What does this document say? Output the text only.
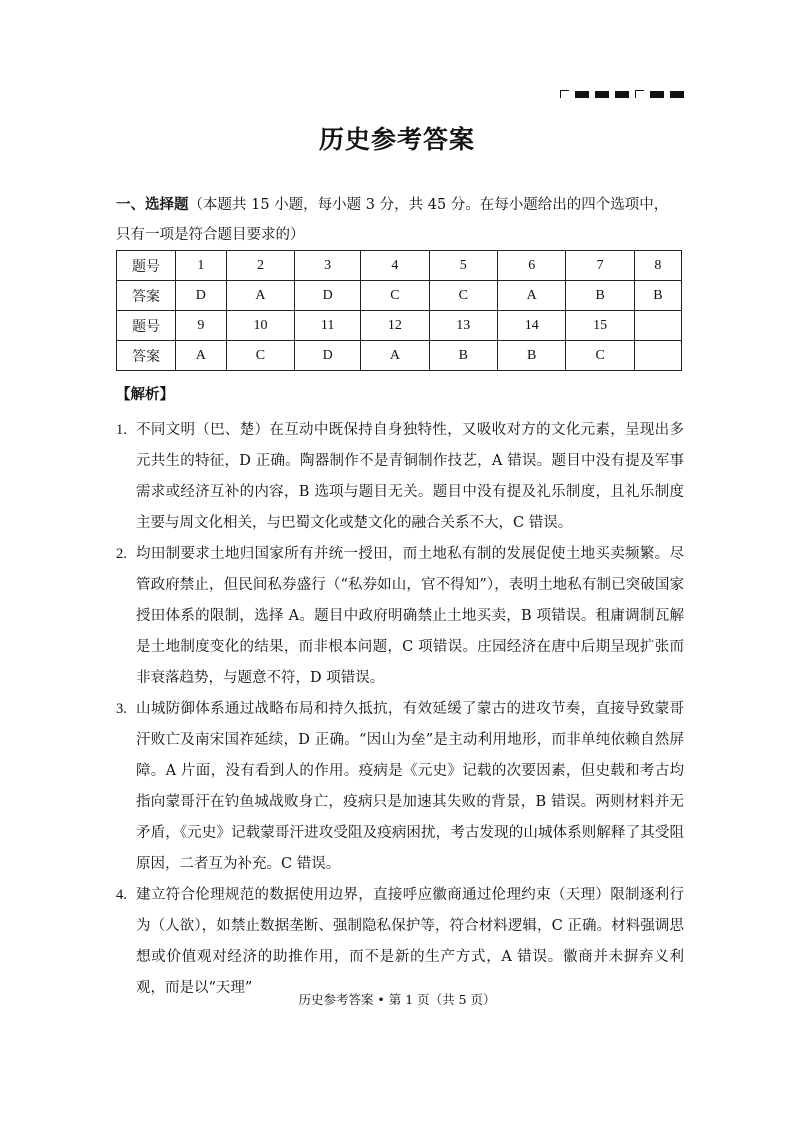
历史参考答案
一、选择题（本题共 15 小题，每小题 3 分，共 45 分。在每小题给出的四个选项中，只有一项是符合题目要求的）
题号	1	2	3	4	5	6	7	8
答案	D	A	D	C	C	A	B	B
题号	9	10	11	12	13	14	15	
答案	A	C	D	A	B	B	C	
【解析】
1. 不同文明（巴、楚）在互动中既保持自身独特性，又吸收对方的文化元素，呈现出多元共生的特征，D 正确。陶器制作不是青铜制作技艺，A 错误。题目中没有提及军事需求或经济互补的内容，B 选项与题目无关。题目中没有提及礼乐制度，且礼乐制度主要与周文化相关，与巴蜀文化或楚文化的融合关系不大，C 错误。
2. 均田制要求土地归国家所有并统一授田，而土地私有制的发展促使土地买卖频繁。尽管政府禁止，但民间私券盛行（“私券如山，官不得知”），表明土地私有制已突破国家授田体系的限制，选择 A。题目中政府明确禁止土地买卖，B 项错误。租庸调制瓦解是土地制度变化的结果，而非根本问题，C 项错误。庄园经济在唐中后期呈现扩张而非衰落趋势，与题意不符，D 项错误。
3. 山城防御体系通过战略布局和持久抵抗，有效延缓了蒙古的进攻节奏，直接导致蒙哥汗败亡及南宋国祚延续，D 正确。“因山为垒”是主动利用地形，而非单纯依赖自然屏障。A 片面，没有看到人的作用。疫病是《元史》记载的次要因素，但史载和考古均指向蒙哥汗在钓鱼城战败身亡，疫病只是加速其失败的背景，B 错误。两则材料并无矛盾，《元史》记载蒙哥汗进攻受阻及疫病困扰，考古发现的山城体系则解释了其受阻原因，二者互为补充。C 错误。
4. 建立符合伦理规范的数据使用边界，直接呼应徽商通过伦理约束（天理）限制逐利行为（人欲），如禁止数据垄断、强制隐私保护等，符合材料逻辑，C 正确。材料强调思想或价值观对经济的助推作用，而不是新的生产方式，A 错误。徽商并未摒弃义利观，而是以“天理”
历史参考答案 • 第 1 页（共 5 页）
